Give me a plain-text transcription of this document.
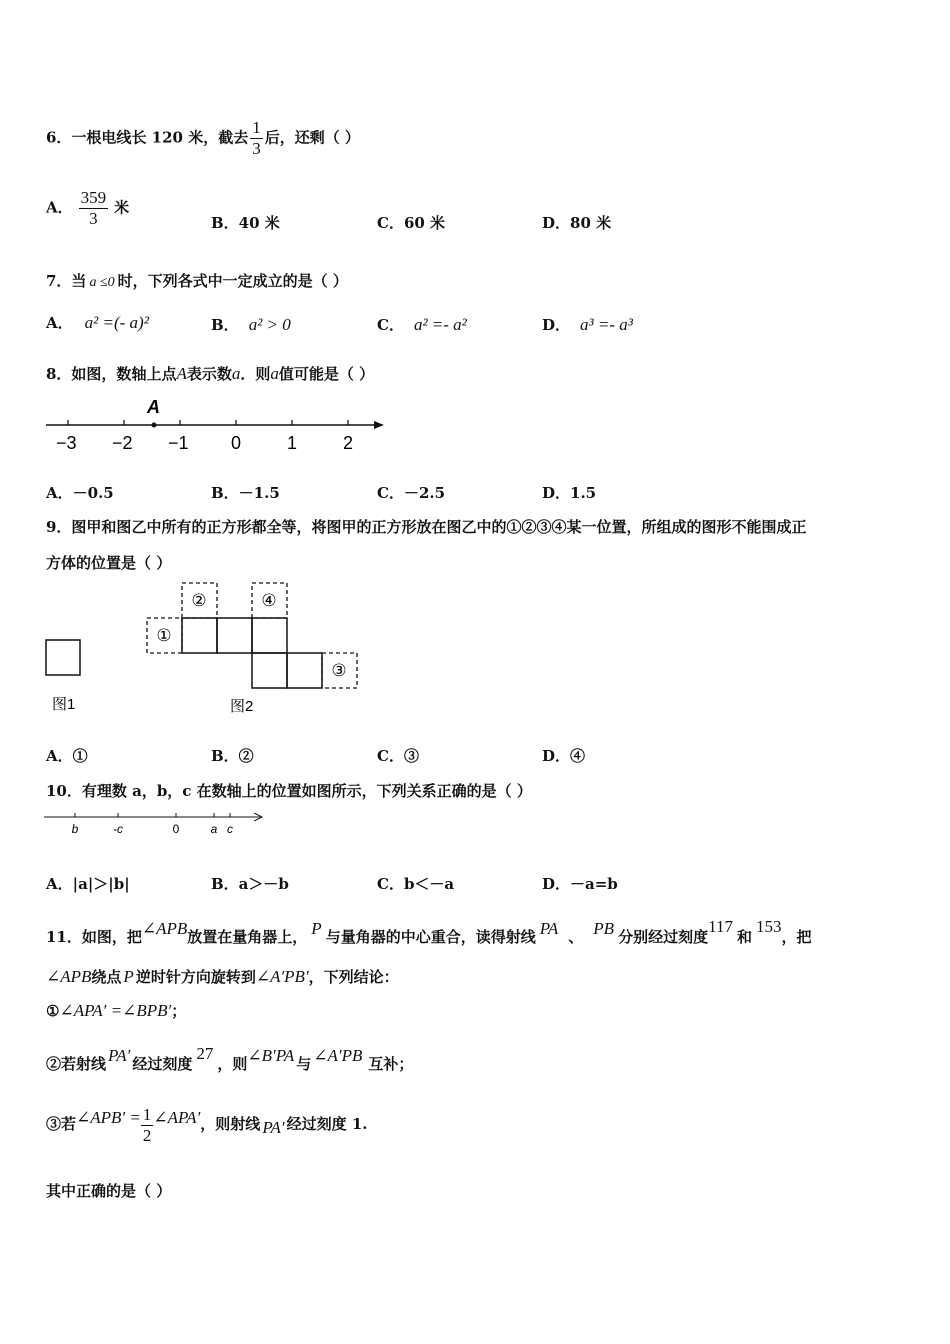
6．一根电线长 120 米，截去 $\frac{1}{3}$ 后，还剩（ ）
A． $\frac{359}{3}$ 米
B．40 米	C．60 米	D．80 米
7．当 a ≤0 时，下列各式中一定成立的是（ ）
A． a² =(- a)²	B． a² > 0	C． a² =- a²	D． a³ =- a³
8．如图，数轴上点A表示数a．则a值可能是（ ）
A
−3 −2 −1 0	1	2
A．－0.5	B．－1.5	C．－2.5	D．1.5
9．图甲和图乙中所有的正方形都全等，将图甲的正方形放在图乙中的①②③④某一位置，所组成的图形不能围成正
方体的位置是（ ）
图1
①
②	④
③
图2
A．①	B．②	C．③	D．④
10．有理数 a，b，c 在数轴上的位置如图所示，下列关系正确的是（ ）
b	-c	0	a c
A．|a|＞|b|	B．a＞－b	C．b＜－a	D．－a=b
11．如图，把∠APB放置在量角器上， P 与量角器的中心重合，读得射线 PA 、 PB 分别经过刻度117和153，把
∠APB绕点 P 逆时针方向旋转到∠A′PB′，下列结论：
①∠APA′ =∠BPB′；
②若射线 PA′ 经过刻度27，则∠B′PA 与 ∠A′PB 互补；
③若∠APB′ = $\frac{1}{2}$ ∠APA′，则射线 PA′ 经过刻度 1.
其中正确的是（ ）
